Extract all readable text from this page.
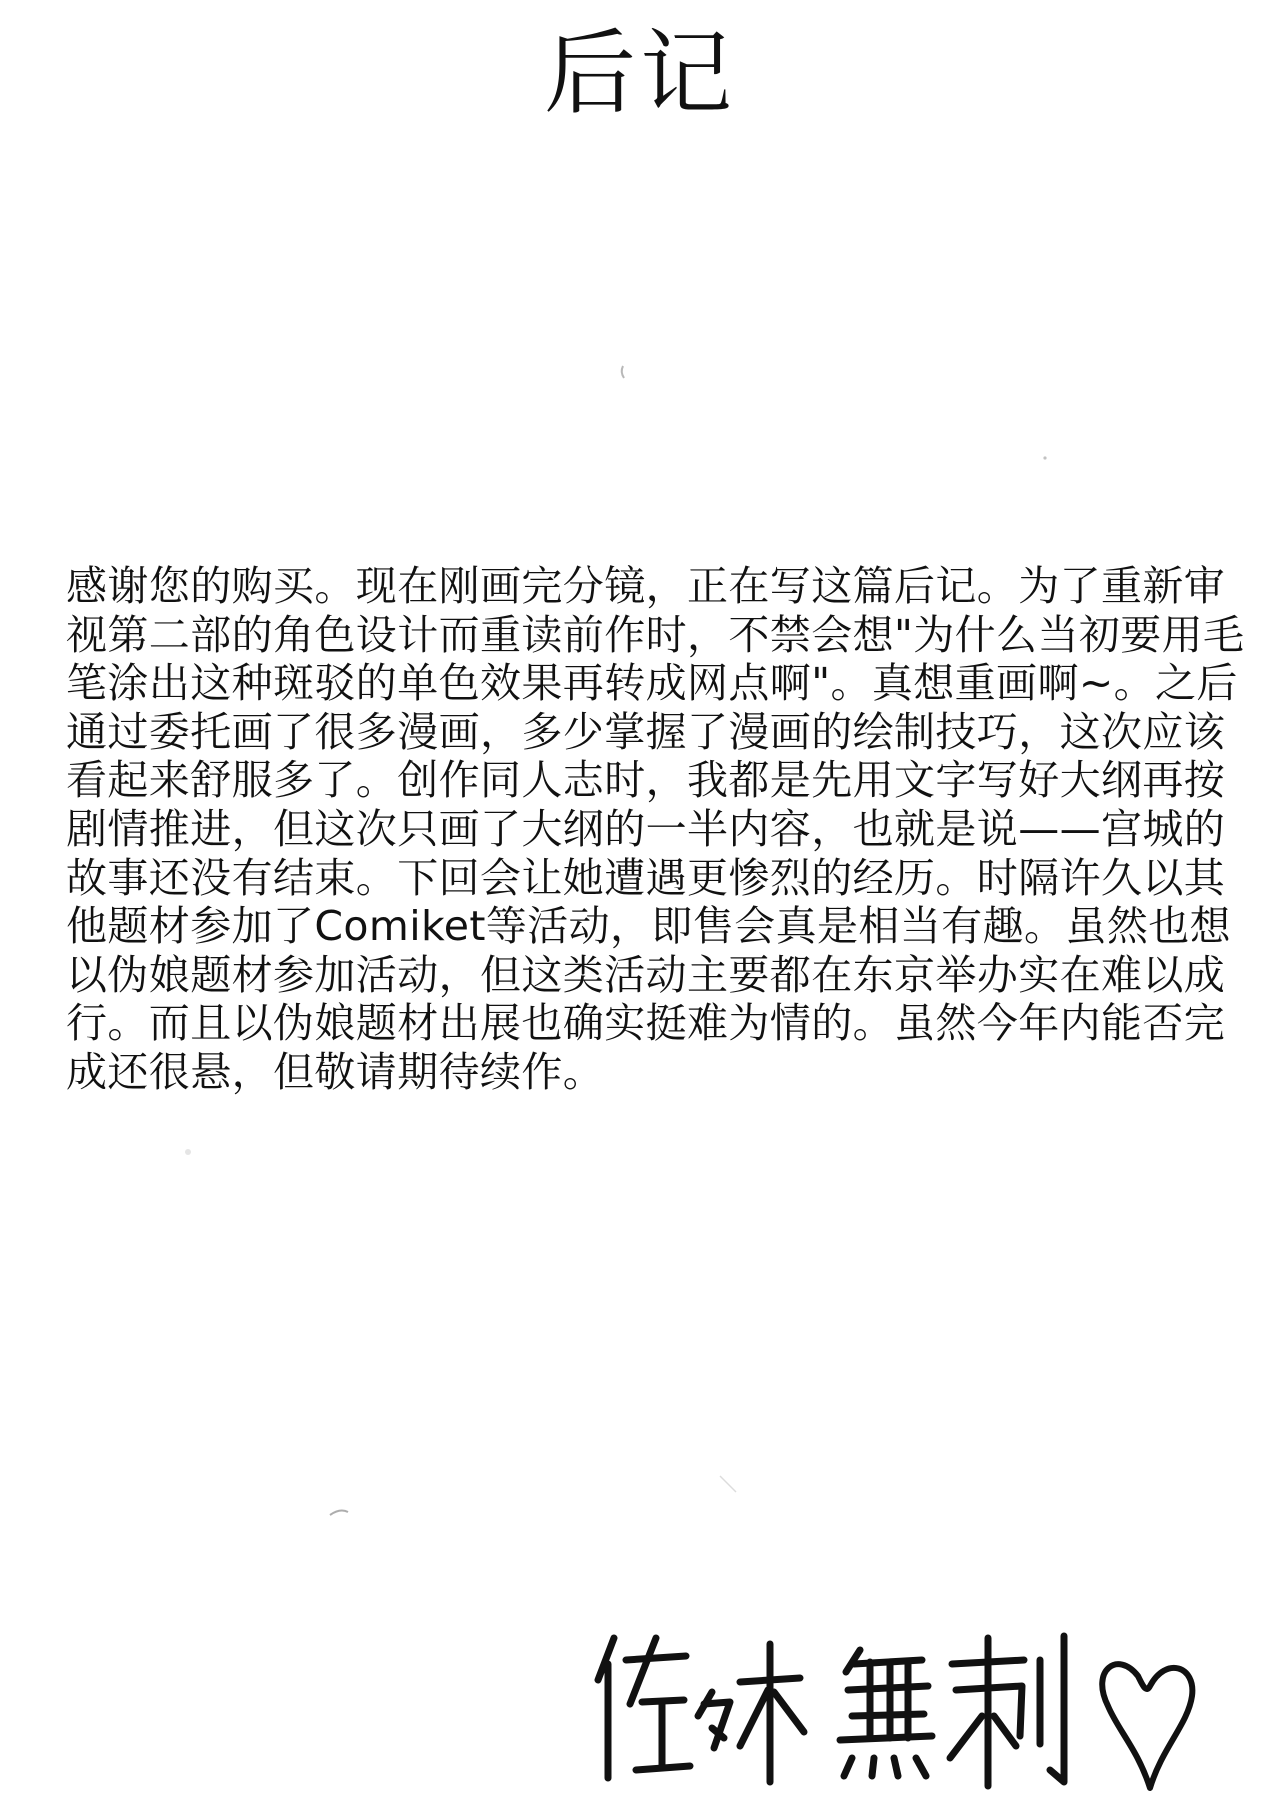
后记

感谢您的购买。现在刚画完分镜，正在写这篇后记。为了重新审视第二部的角色设计而重读前作时，不禁会想"为什么当初要用毛笔涂出这种斑驳的单色效果再转成网点啊"。真想重画啊~。之后通过委托画了很多漫画，多少掌握了漫画的绘制技巧，这次应该看起来舒服多了。创作同人志时，我都是先用文字写好大纲再按剧情推进，但这次只画了大纲的一半内容，也就是说——宫城的故事还没有结束。下回会让她遭遇更惨烈的经历。时隔许久以其他题材参加了Comiket等活动，即售会真是相当有趣。虽然也想以伪娘题材参加活动，但这类活动主要都在东京举办实在难以成行。而且以伪娘题材出展也确实挺难为情的。虽然今年内能否完成还很悬，但敬请期待续作。
